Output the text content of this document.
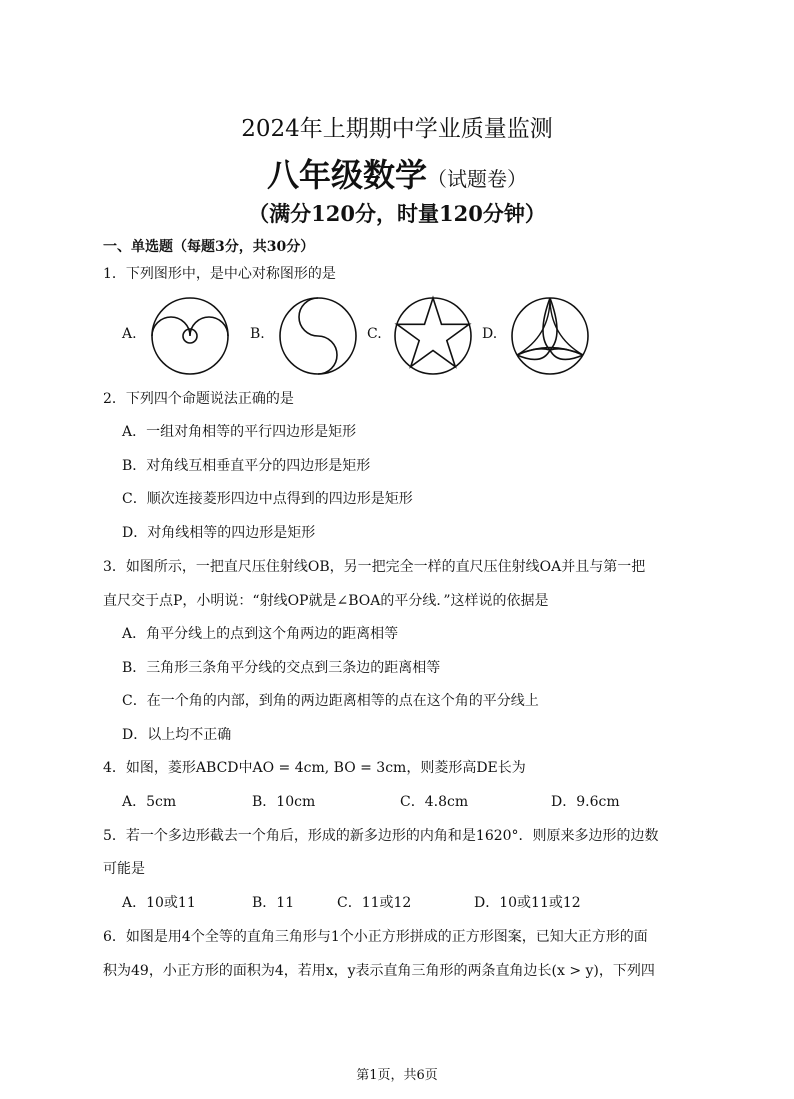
2024年上期期中学业质量监测
八年级数学（试题卷）
（满分120分，时量120分钟）
一、单选题（每题3分，共30分）
1．下列图形中，是中心对称图形的是
A.	B.	C.	D.
2．下列四个命题说法正确的是
A．一组对角相等的平行四边形是矩形
B．对角线互相垂直平分的四边形是矩形
C．顺次连接菱形四边中点得到的四边形是矩形
D．对角线相等的四边形是矩形
3．如图所示，一把直尺压住射线OB，另一把完全一样的直尺压住射线OA并且与第一把
直尺交于点P，小明说：“射线OP就是∠BOA的平分线．”这样说的依据是
A．角平分线上的点到这个角两边的距离相等
B．三角形三条角平分线的交点到三条边的距离相等
C．在一个角的内部，到角的两边距离相等的点在这个角的平分线上
D．以上均不正确
4．如图，菱形ABCD中AO = 4cm, BO = 3cm，则菱形高DE长为
A．5cm	B．10cm	C．4.8cm	D．9.6cm
5．若一个多边形截去一个角后，形成的新多边形的内角和是1620°．则原来多边形的边数
可能是
A．10或11	B．11	C．11或12	D．10或11或12
6．如图是用4个全等的直角三角形与1个小正方形拼成的正方形图案，已知大正方形的面
积为49，小正方形的面积为4，若用x，y表示直角三角形的两条直角边长(x > y)，下列四
第1页，共6页
